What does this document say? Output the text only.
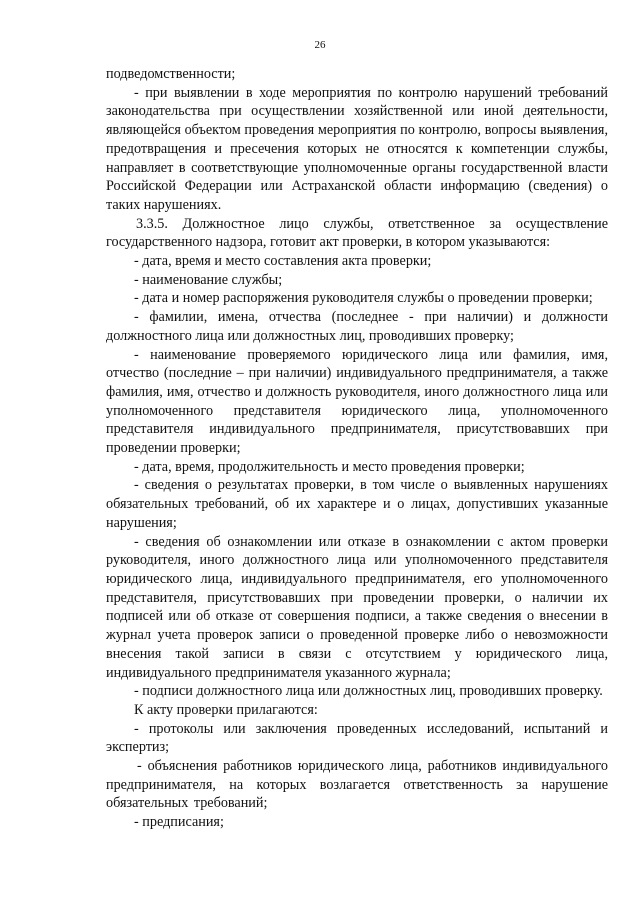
26

подведомственности;

- при выявлении в ходе мероприятия по контролю нарушений требований законодательства при осуществлении хозяйственной или иной деятельности, являющейся объектом проведения мероприятия по контролю, вопросы выявления, предотвращения и пресечения которых не относятся к компетенции службы, направляет в соответствующие уполномоченные органы государственной власти Российской Федерации или Астраханской области информацию (сведения) о таких нарушениях.

3.3.5. Должностное лицо службы, ответственное за осуществление государственного надзора, готовит акт проверки, в котором указываются:

- дата, время и место составления акта проверки;

- наименование службы;

- дата и номер распоряжения руководителя службы о проведении проверки;

- фамилии, имена, отчества (последнее - при наличии) и должности должностного лица или должностных лиц, проводивших проверку;

- наименование проверяемого юридического лица или фамилия, имя, отчество (последние – при наличии) индивидуального предпринимателя, а также фамилия, имя, отчество и должность руководителя, иного должностного лица или уполномоченного представителя юридического лица, уполномоченного представителя индивидуального предпринимателя, присутствовавших при проведении проверки;

- дата, время, продолжительность и место проведения проверки;

- сведения о результатах проверки, в том числе о выявленных нарушениях обязательных требований, об их характере и о лицах, допустивших указанные нарушения;

- сведения об ознакомлении или отказе в ознакомлении с актом проверки руководителя, иного должностного лица или уполномоченного представителя юридического лица, индивидуального предпринимателя, его уполномоченного представителя, присутствовавших при проведении проверки, о наличии их подписей или об отказе от совершения подписи, а также сведения о внесении в журнал учета проверок записи о проведенной проверке либо о невозможности внесения такой записи в связи с отсутствием у юридического лица, индивидуального предпринимателя указанного журнала;

- подписи должностного лица или должностных лиц, проводивших проверку.

К акту проверки прилагаются:

- протоколы или заключения проведенных исследований, испытаний и экспертиз;

- объяснения работников юридического лица, работников индивидуального предпринимателя, на которых возлагается ответственность за нарушение обязательных требований;

- предписания;
